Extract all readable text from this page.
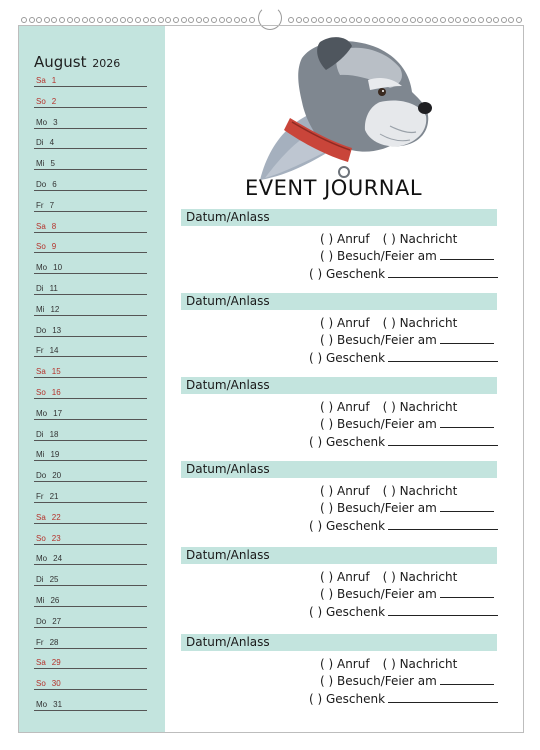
August 2026
Sa 1
So 2
Mo 3
Di 4
Mi 5
Do 6
Fr 7
Sa 8
So 9
Mo 10
Di 11
Mi 12
Do 13
Fr 14
Sa 15
So 16
Mo 17
Di 18
Mi 19
Do 20
Fr 21
Sa 22
So 23
Mo 24
Di 25
Mi 26
Do 27
Fr 28
Sa 29
So 30
Mo 31
EVENT JOURNAL
Datum/Anlass
( ) Anruf ( ) Nachricht
( ) Besuch/Feier am
( ) Geschenk
Datum/Anlass
( ) Anruf ( ) Nachricht
( ) Besuch/Feier am
( ) Geschenk
Datum/Anlass
( ) Anruf ( ) Nachricht
( ) Besuch/Feier am
( ) Geschenk
Datum/Anlass
( ) Anruf ( ) Nachricht
( ) Besuch/Feier am
( ) Geschenk
Datum/Anlass
( ) Anruf ( ) Nachricht
( ) Besuch/Feier am
( ) Geschenk
Datum/Anlass
( ) Anruf ( ) Nachricht
( ) Besuch/Feier am
( ) Geschenk
